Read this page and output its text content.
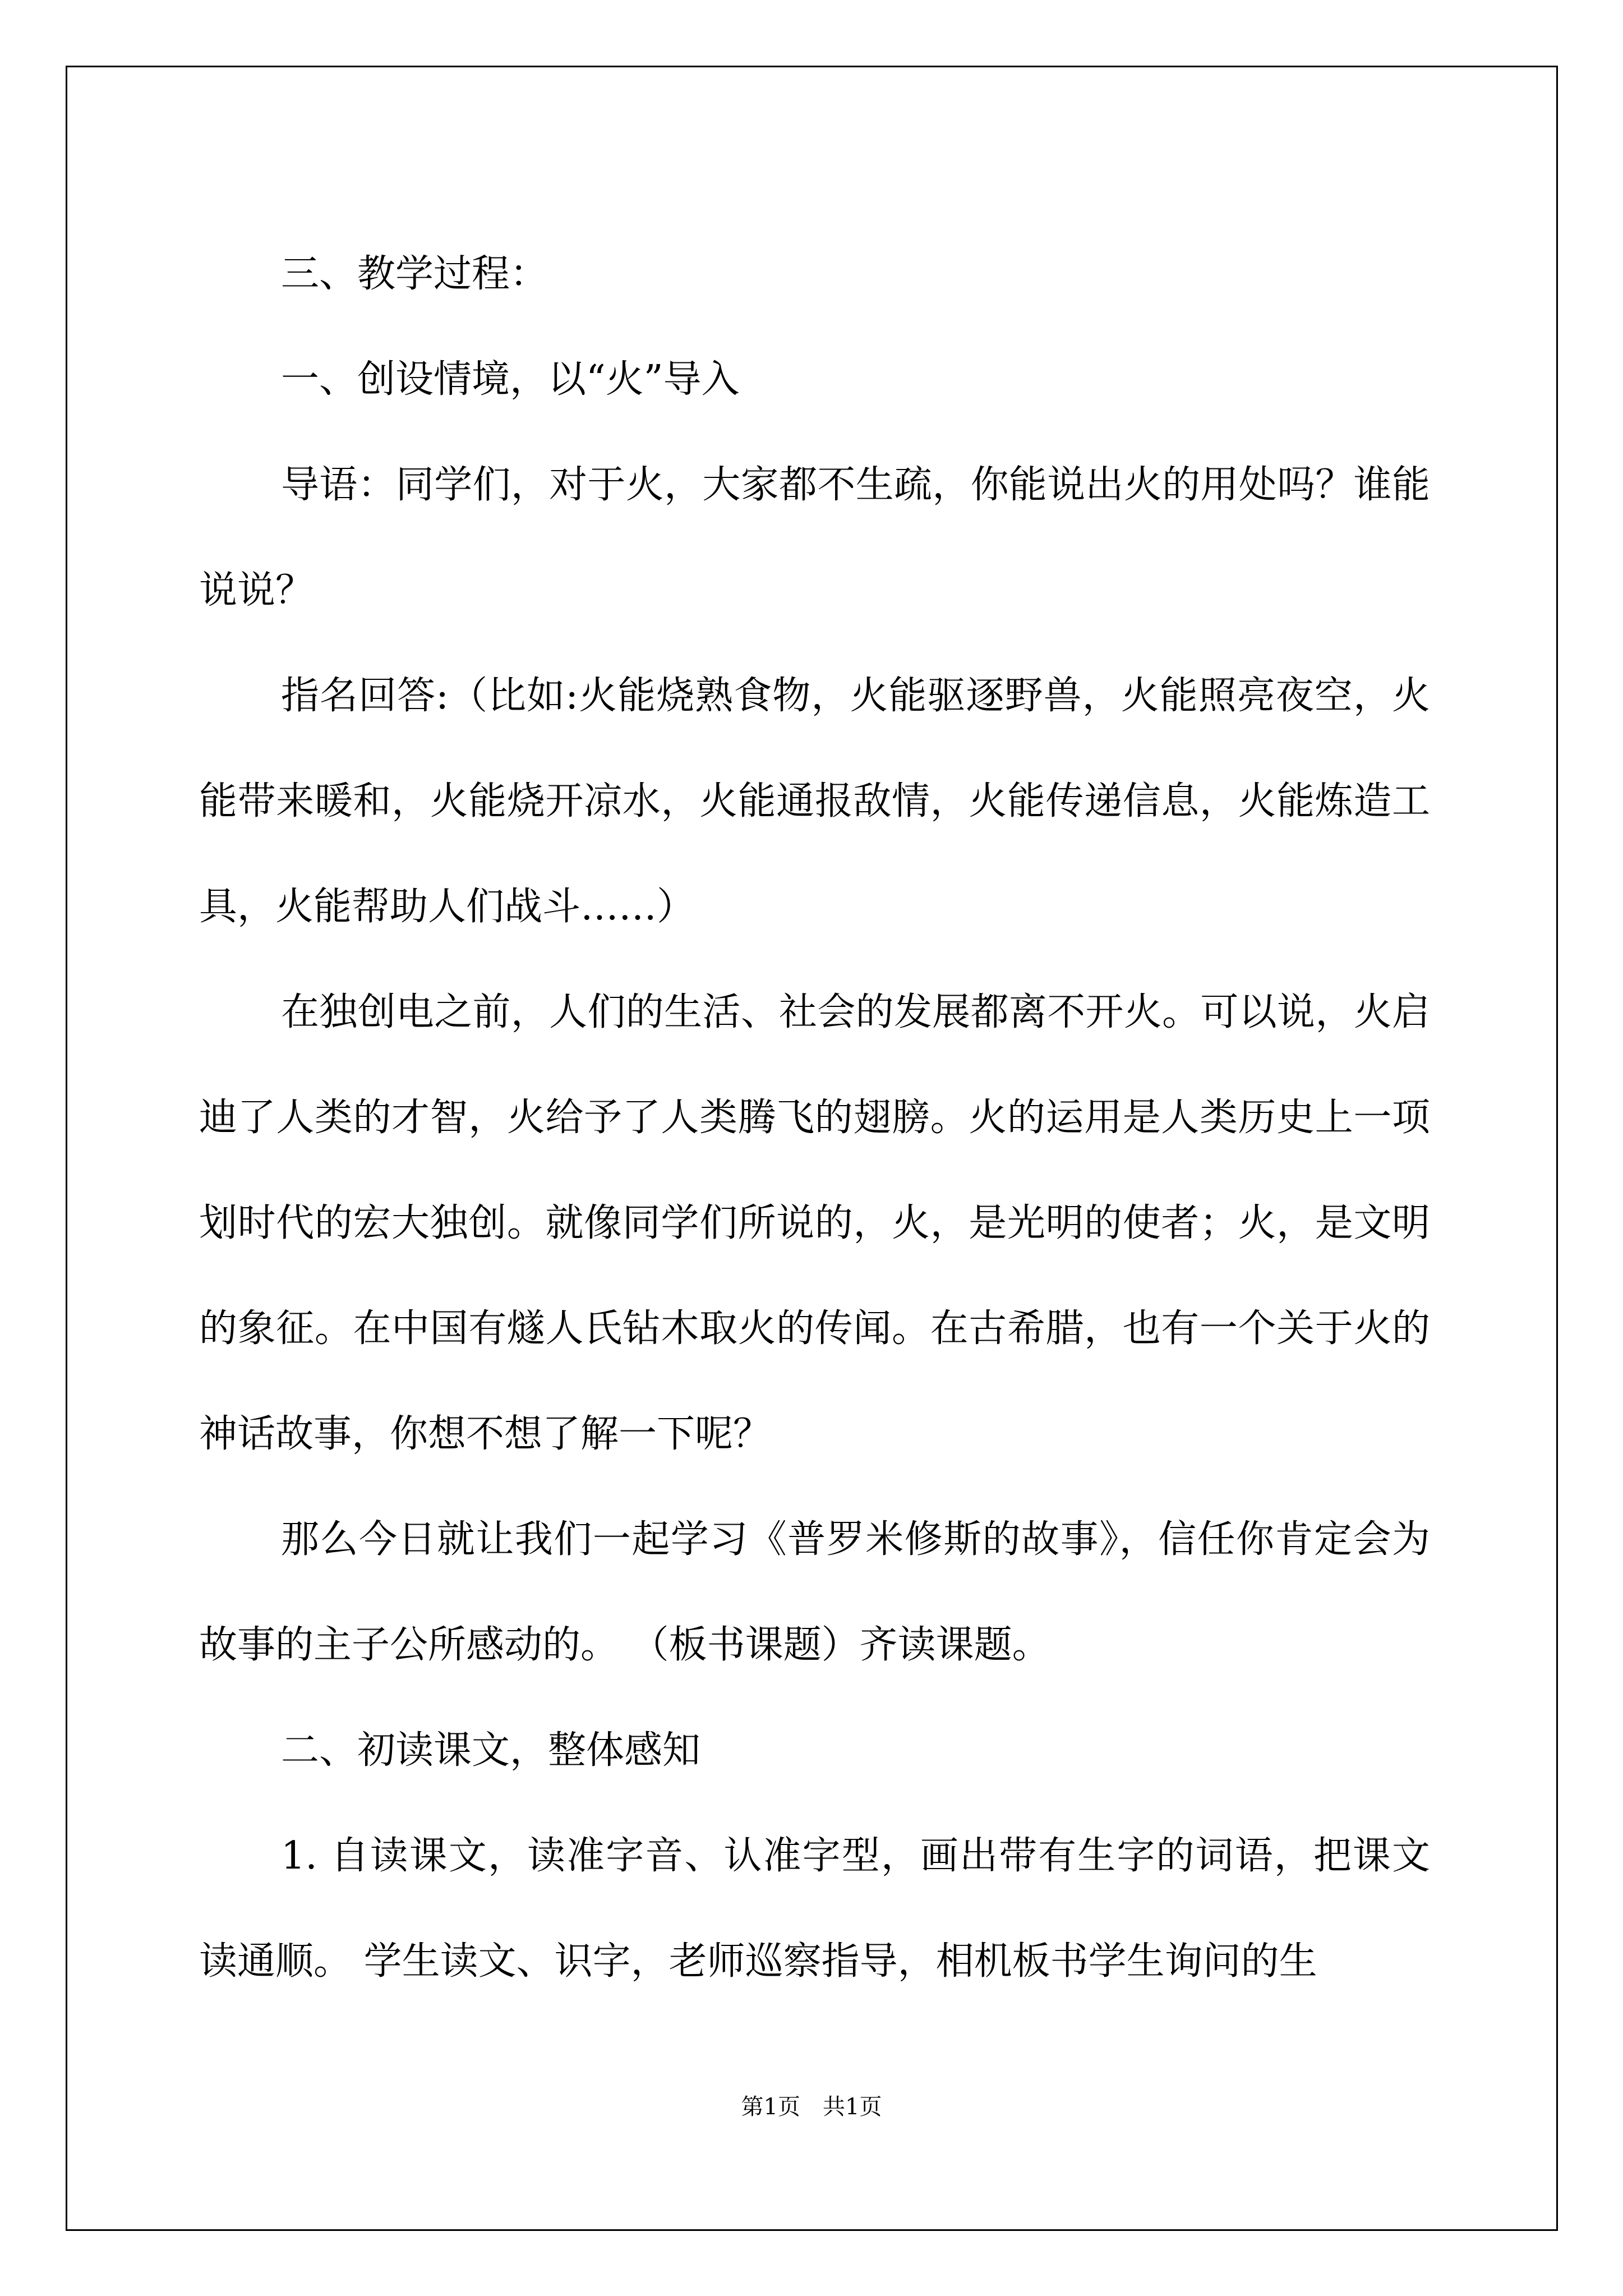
三、教学过程：

一、创设情境，以“火”导入

导语：同学们，对于火，大家都不生疏，你能说出火的用处吗？谁能说说？

指名回答:（比如:火能烧熟食物，火能驱逐野兽，火能照亮夜空，火能带来暖和，火能烧开凉水，火能通报敌情，火能传递信息，火能炼造工具，火能帮助人们战斗……）

在独创电之前，人们的生活、社会的发展都离不开火。可以说，火启迪了人类的才智，火给予了人类腾飞的翅膀。火的运用是人类历史上一项划时代的宏大独创。就像同学们所说的，火，是光明的使者；火，是文明的象征。在中国有燧人氏钻木取火的传闻。在古希腊，也有一个关于火的神话故事，你想不想了解一下呢？

那么今日就让我们一起学习《普罗米修斯的故事》，信任你肯定会为故事的主子公所感动的。 （板书课题）齐读课题。

二、初读课文，整体感知

1. 自读课文，读准字音、认准字型，画出带有生字的词语，把课文读通顺。 学生读文、识字，老师巡察指导，相机板书学生询问的生

第1页 共1页
